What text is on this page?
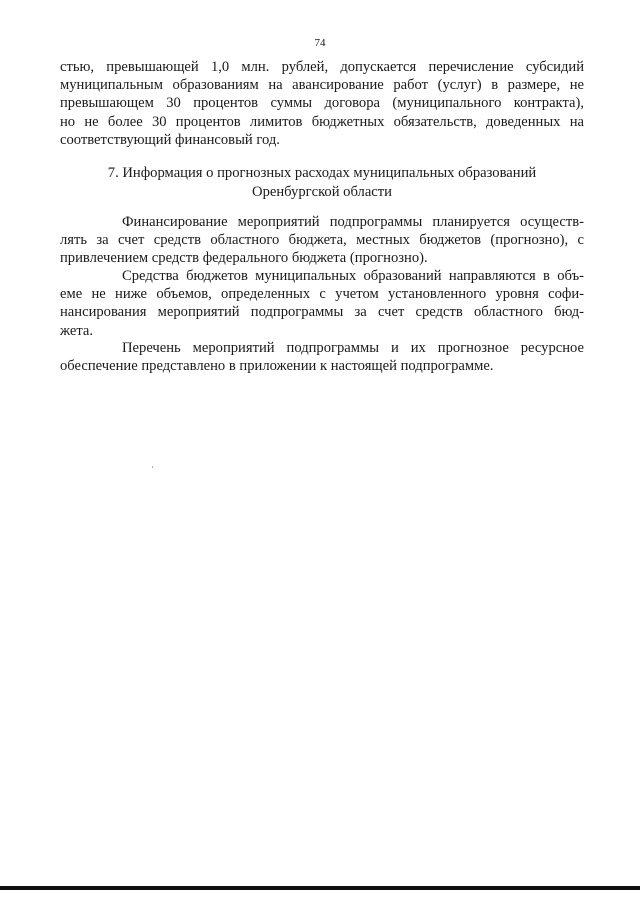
74
стью, превышающей 1,0 млн. рублей, допускается перечисление субсидий
муниципальным образованиям на авансирование работ (услуг) в размере, не
превышающем 30 процентов суммы договора (муниципального контракта),
но не более 30 процентов лимитов бюджетных обязательств, доведенных на
соответствующий финансовый год.
7. Информация о прогнозных расходах муниципальных образований
Оренбургской области
Финансирование мероприятий подпрограммы планируется осуществ-
лять за счет средств областного бюджета, местных бюджетов (прогнозно), с
привлечением средств федерального бюджета (прогнозно).
Средства бюджетов муниципальных образований направляются в объ-
еме не ниже объемов, определенных с учетом установленного уровня софи-
нансирования мероприятий подпрограммы за счет средств областного бюд-
жета.
Перечень мероприятий подпрограммы и их прогнозное ресурсное
обеспечение представлено в приложении к настоящей подпрограмме.
